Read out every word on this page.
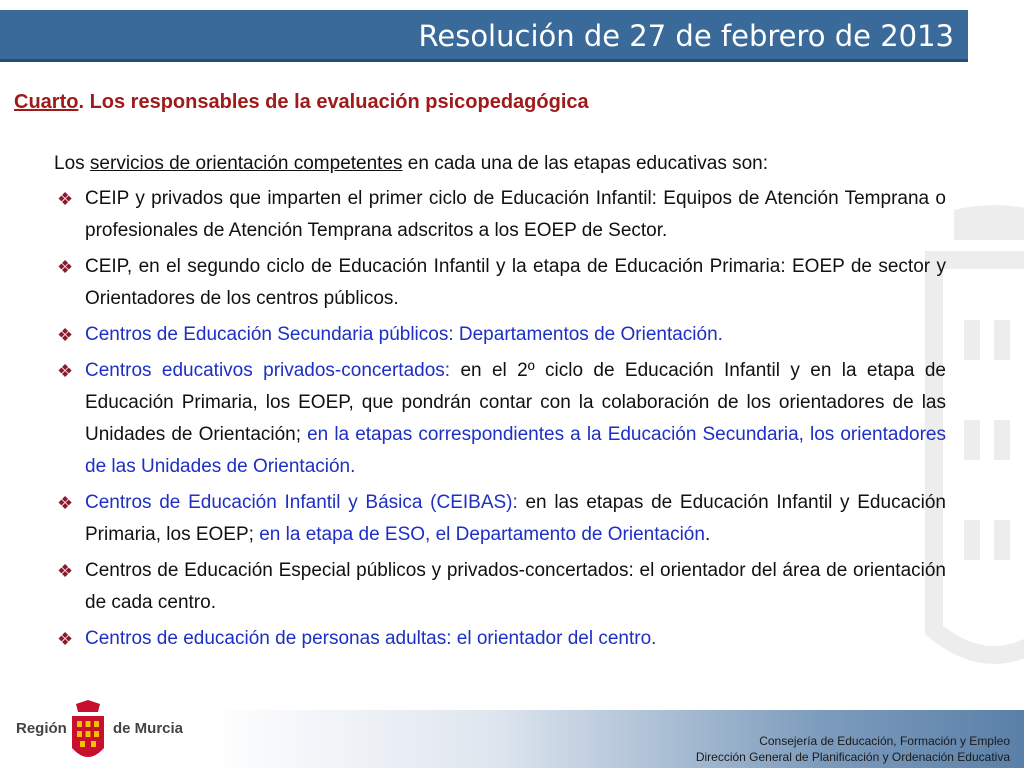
Resolución de 27 de febrero de 2013
Cuarto. Los responsables de la evaluación psicopedagógica

Los servicios de orientación competentes en cada una de las etapas educativas son:

❖ CEIP y privados que imparten el primer ciclo de Educación Infantil: Equipos de Atención Temprana o profesionales de Atención Temprana adscritos a los EOEP de Sector.
❖ CEIP, en el segundo ciclo de Educación Infantil y la etapa de Educación Primaria: EOEP de sector y Orientadores de los centros públicos.
❖ Centros de Educación Secundaria públicos: Departamentos de Orientación.
❖ Centros educativos privados-concertados: en el 2º ciclo de Educación Infantil y en la etapa de Educación Primaria, los EOEP, que pondrán contar con la colaboración de los orientadores de las Unidades de Orientación; en la etapas correspondientes a la Educación Secundaria, los orientadores de las Unidades de Orientación.
❖ Centros de Educación Infantil y Básica (CEIBAS): en las etapas de Educación Infantil y Educación Primaria, los EOEP; en la etapa de ESO, el Departamento de Orientación.
❖ Centros de Educación Especial públicos y privados-concertados: el orientador del área de orientación de cada centro.
❖ Centros de educación de personas adultas: el orientador del centro.
Consejería de Educación, Formación y Empleo
Dirección General de Planificación y Ordenación Educativa
Región	de Murcia
